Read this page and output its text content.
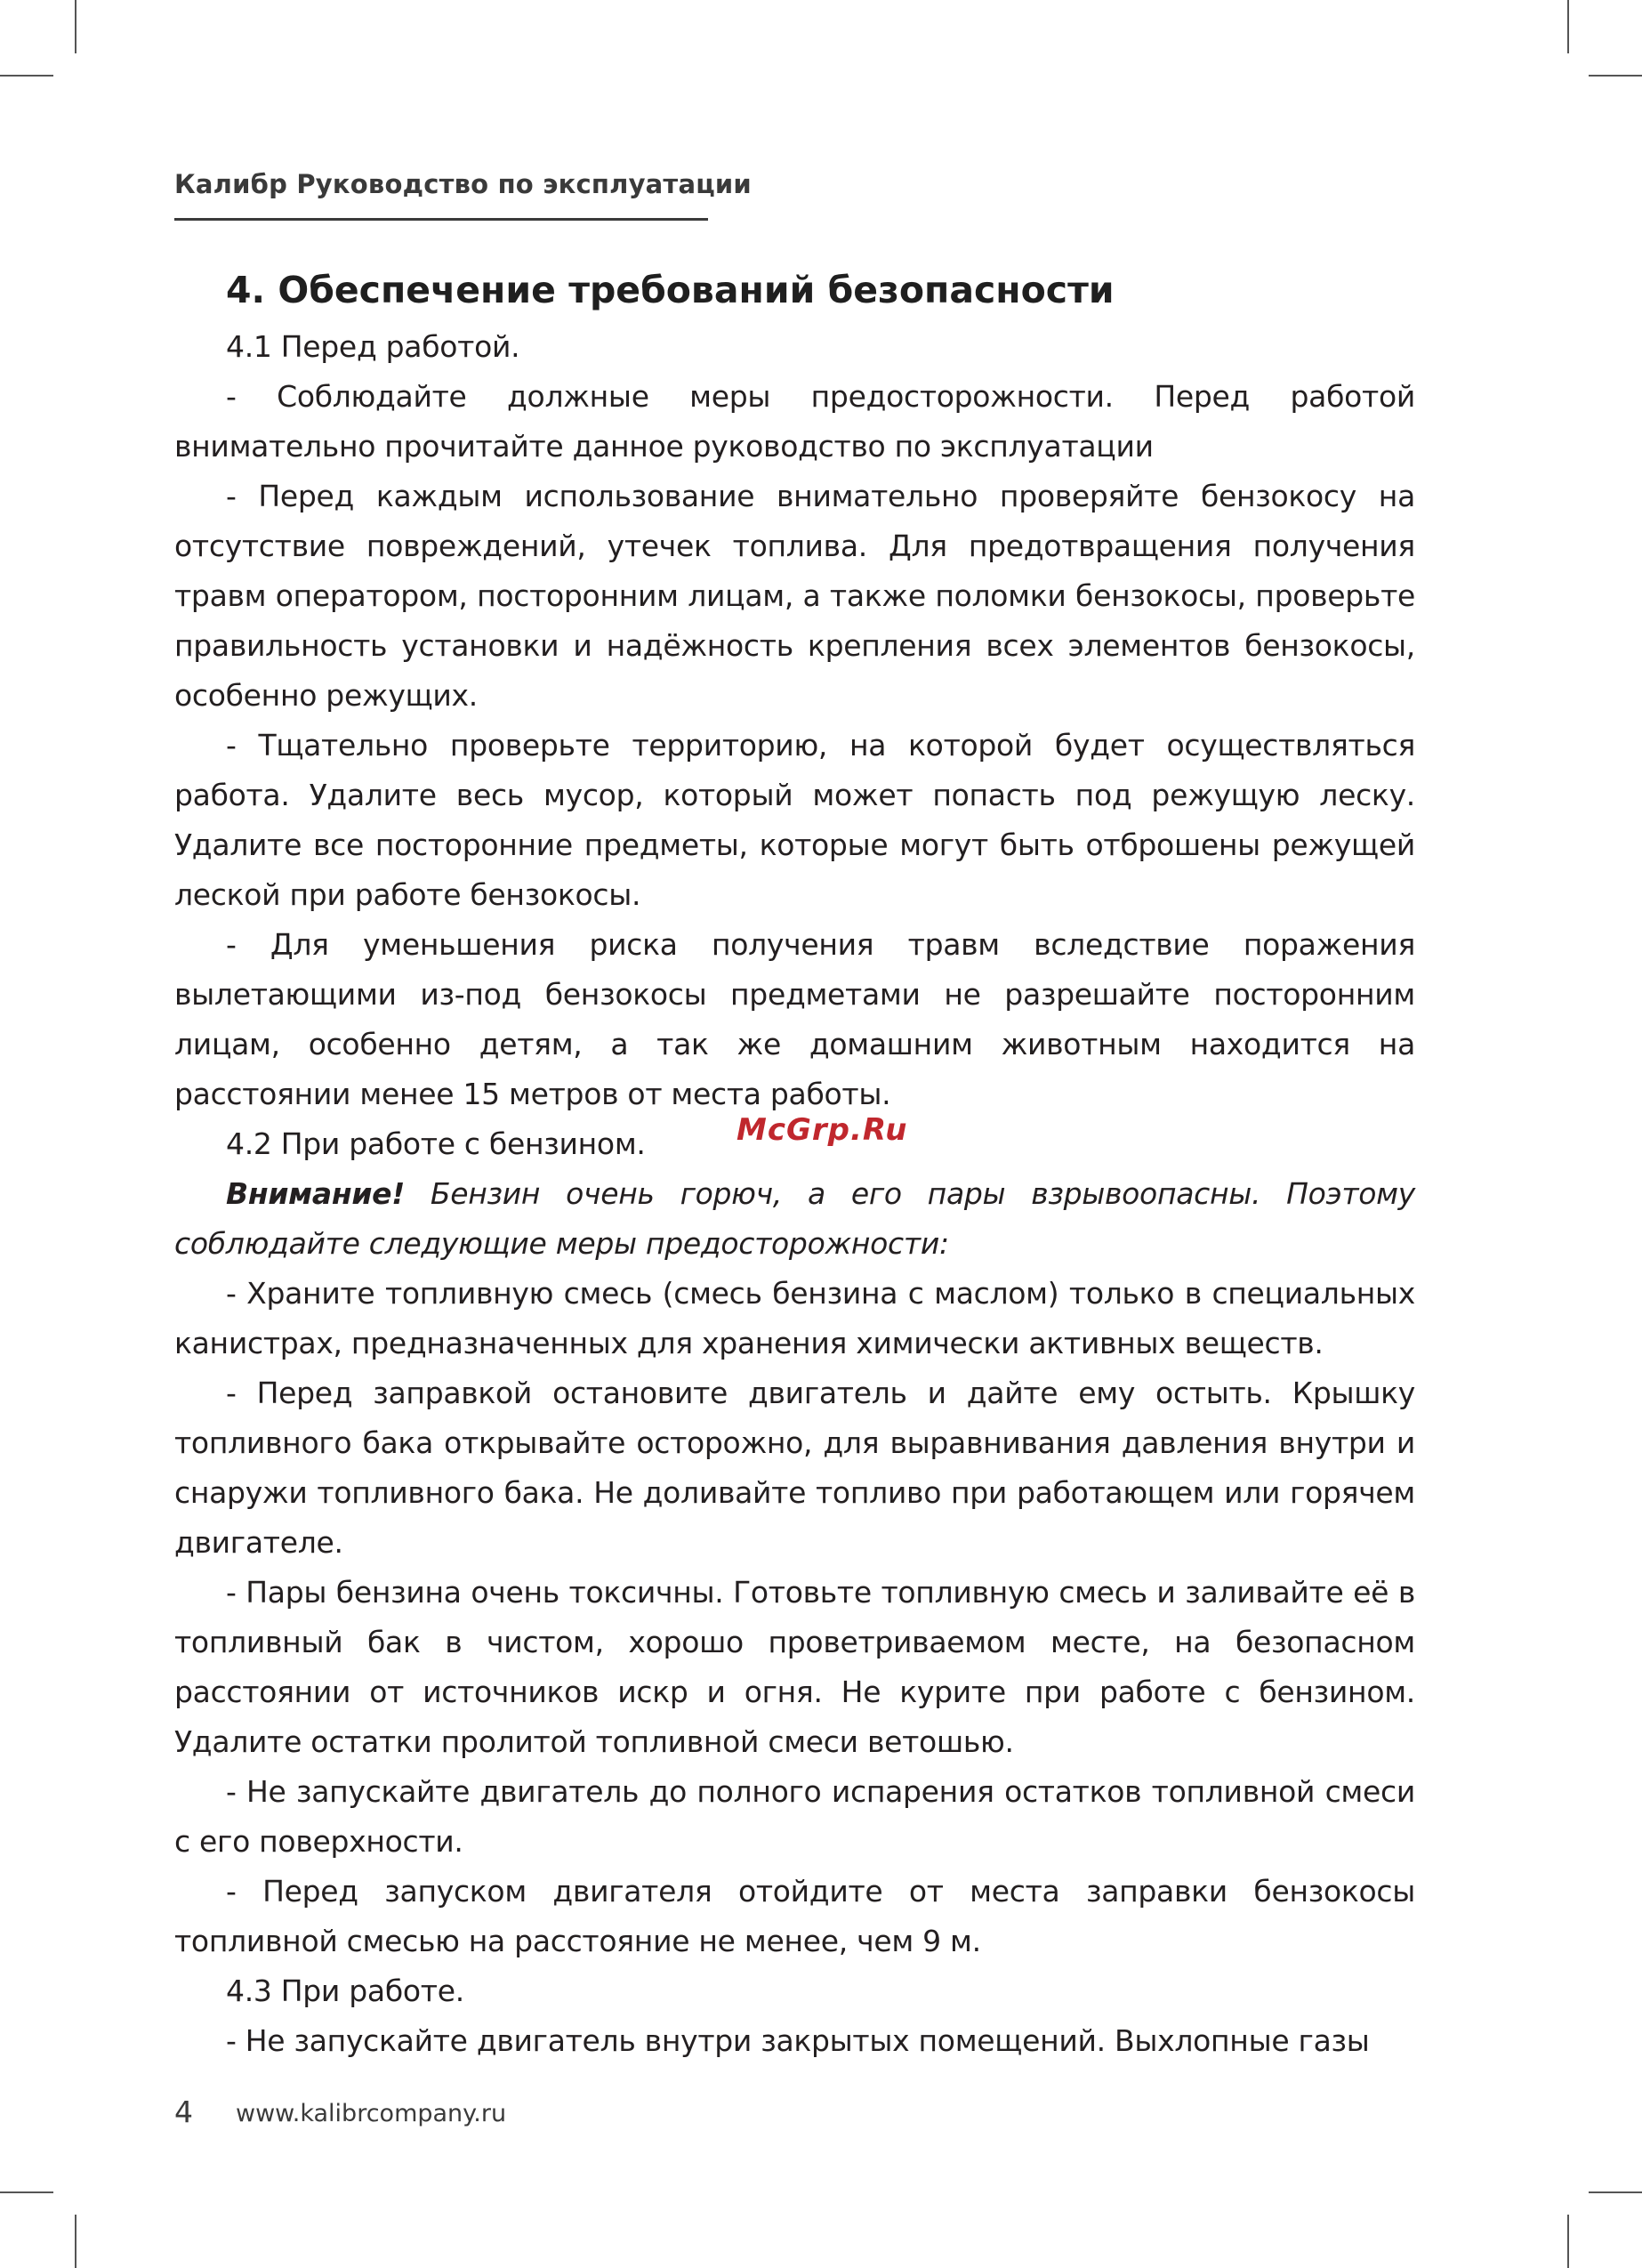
Калибр Руководство по эксплуатации
4. Обеспечение требований безопасности

4.1 Перед работой.

- Соблюдайте должные меры предосторожности. Перед работой внимательно прочитайте данное руководство по эксплуатации

- Перед каждым использование внимательно проверяйте бензокосу на отсутствие повреждений, утечек топлива. Для предотвращения получения травм оператором, посторонним лицам, а также поломки бензокосы, проверьте правильность установки и надёжность крепления всех элементов бензокосы, особенно режущих.

- Тщательно проверьте территорию, на которой будет осуществляться работа. Удалите весь мусор, который может попасть под режущую леску. Удалите все посторонние предметы, которые могут быть отброшены режущей леской при работе бензокосы.

- Для уменьшения риска получения травм вследствие поражения вылетающими из-под бензокосы предметами не разрешайте посторонним лицам, особенно детям, а так же домашним животным находится на расстоянии менее 15 метров от места работы.

4.2 При работе с бензином.

Внимание! Бензин очень горюч, а его пары взрывоопасны. Поэтому соблюдайте следующие меры предосторожности:

- Храните топливную смесь (смесь бензина с маслом) только в специальных канистрах, предназначенных для хранения химически активных веществ.

- Перед заправкой остановите двигатель и дайте ему остыть. Крышку топливного бака открывайте осторожно, для выравнивания давления внутри и снаружи топливного бака. Не доливайте топливо при работающем или горячем двигателе.

- Пары бензина очень токсичны. Готовьте топливную смесь и заливайте её в топливный бак в чистом, хорошо проветриваемом месте, на безопасном расстоянии от источников искр и огня. Не курите при работе с бензином. Удалите остатки пролитой топливной смеси ветошью.

- Не запускайте двигатель до полного испарения остатков топливной смеси с его поверхности.

- Перед запуском двигателя отойдите от места заправки бензокосы топливной смесью на расстояние не менее, чем 9 м.

4.3 При работе.

- Не запускайте двигатель внутри закрытых помещений. Выхлопные газы

McGrp.Ru
4 www.kalibrcompany.ru
